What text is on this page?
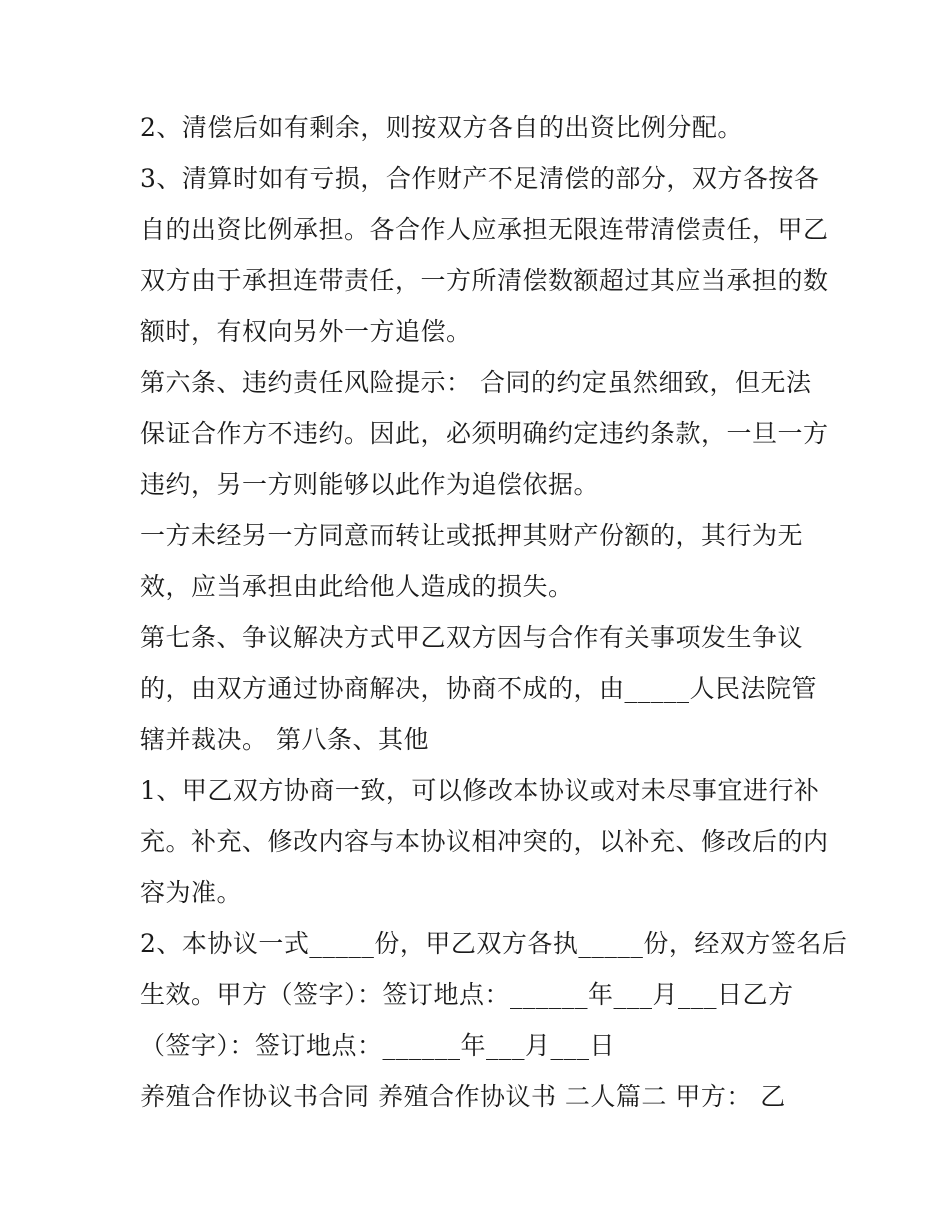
2、清偿后如有剩余，则按双方各自的出资比例分配。
3、清算时如有亏损，合作财产不足清偿的部分，双方各按各
自的出资比例承担。各合作人应承担无限连带清偿责任，甲乙
双方由于承担连带责任，一方所清偿数额超过其应当承担的数
额时，有权向另外一方追偿。
第六条、违约责任风险提示： 合同的约定虽然细致，但无法
保证合作方不违约。因此，必须明确约定违约条款，一旦一方
违约，另一方则能够以此作为追偿依据。
一方未经另一方同意而转让或抵押其财产份额的，其行为无
效，应当承担由此给他人造成的损失。
第七条、争议解决方式甲乙双方因与合作有关事项发生争议
的，由双方通过协商解决，协商不成的，由_____人民法院管
辖并裁决。 第八条、其他
1、甲乙双方协商一致，可以修改本协议或对未尽事宜进行补
充。补充、修改内容与本协议相冲突的，以补充、修改后的内
容为准。
2、本协议一式_____份，甲乙双方各执_____份，经双方签名后
生效。甲方（签字）：签订地点：______年___月___日乙方
（签字）：签订地点：______年___月___日
养殖合作协议书合同 养殖合作协议书 二人篇二 甲方： 乙
